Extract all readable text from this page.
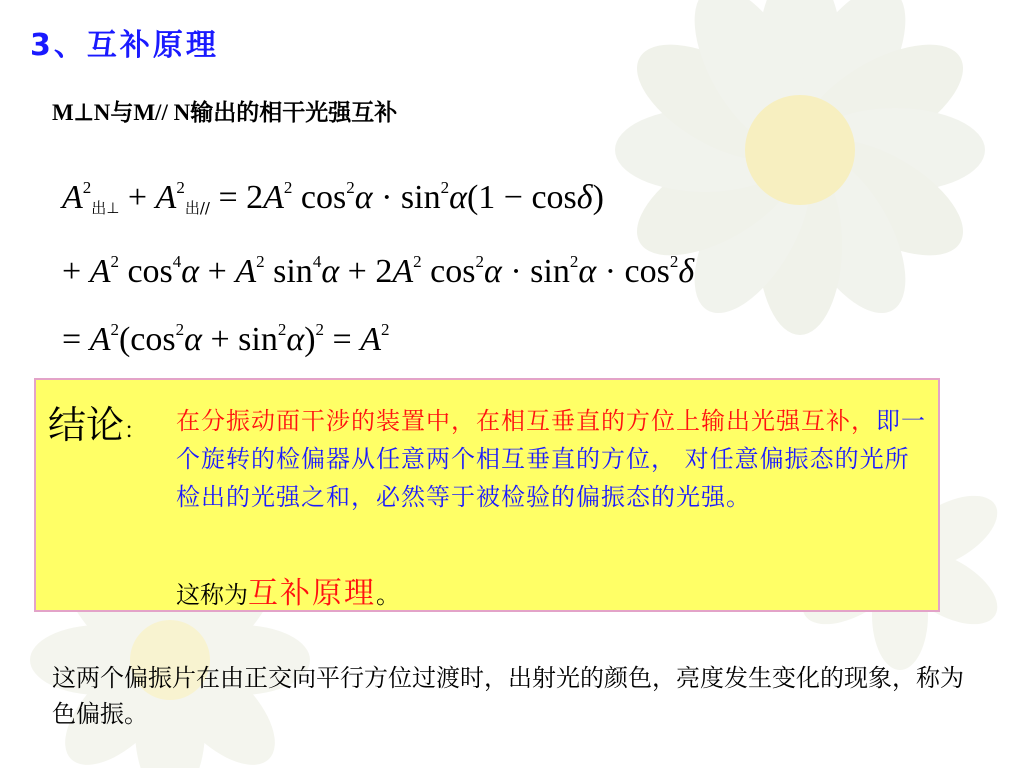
3、互补原理
M⊥N与M// N输出的相干光强互补
$A^2_{出\perp} + A^2_{出//} = 2A^2$ $\cos^2\alpha \cdot \sin^2\alpha(1 - \cos\delta)$
+ $A^2$ $\cos^4\alpha + A^2$ $\sin^4\alpha + 2A^2$ $\cos^2\alpha \cdot \sin^2\alpha \cdot \cos^2\delta$
= $A^2(\cos^2\alpha + \sin^2\alpha)^2 = A^2$
结论： 在分振动面干涉的装置中，在相互垂直的方位上输出光强互补，即一个旋转的检偏器从任意两个相互垂直的方位， 对任意偏振态的光所检出的光强之和，必然等于被检验的偏振态的光强。
这称为互补原理。
这两个偏振片在由正交向平行方位过渡时，出射光的颜色，亮度发生变化的现象，称为色偏振。
